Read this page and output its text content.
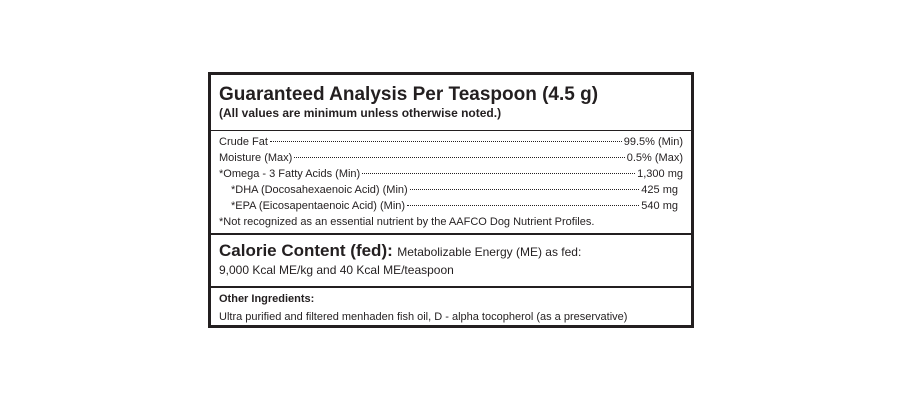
Guaranteed Analysis Per Teaspoon (4.5 g)
(All values are minimum unless otherwise noted.)
Crude Fat	99.5% (Min)
Moisture (Max)	0.5% (Max)
*Omega - 3 Fatty Acids (Min)	1,300 mg
*DHA (Docosahexaenoic Acid) (Min)	425 mg
*EPA (Eicosapentaenoic Acid) (Min)	540 mg
*Not recognized as an essential nutrient by the AAFCO Dog Nutrient Profiles.
Calorie Content (fed): Metabolizable Energy (ME) as fed:
9,000 Kcal ME/kg and 40 Kcal ME/teaspoon
Other Ingredients:
Ultra purified and filtered menhaden fish oil, D - alpha tocopherol (as a preservative)
